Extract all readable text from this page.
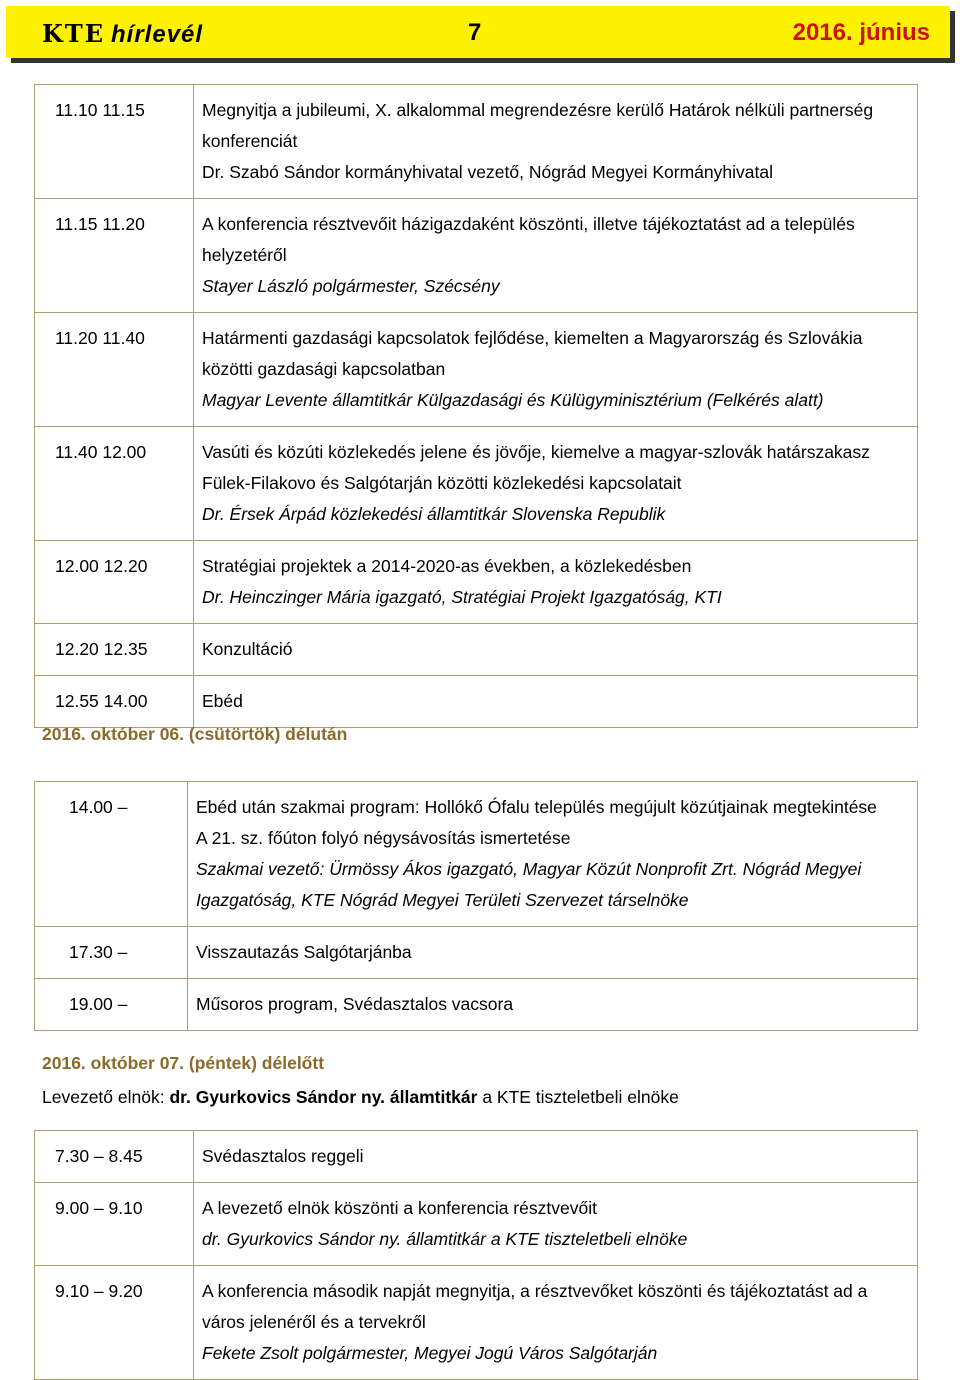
KTE hírlevél	7	2016. június
11.10 11.15	Megnyitja a jubileumi, X. alkalommal megrendezésre kerülő Határok nélküli partnerség konferenciát
Dr. Szabó Sándor kormányhivatal vezető, Nógrád Megyei Kormányhivatal

11.15 11.20	A konferencia résztvevőit házigazdaként köszönti, illetve tájékoztatást ad a település helyzetéről
Stayer László polgármester, Szécsény

11.20 11.40	Határmenti gazdasági kapcsolatok fejlődése, kiemelten a Magyarország és Szlovákia közötti gazdasági kapcsolatban
Magyar Levente államtitkár Külgazdasági és Külügyminisztérium (Felkérés alatt)

11.40 12.00	Vasúti és közúti közlekedés jelene és jövője, kiemelve a magyar-szlovák határszakasz Fülek-Filakovo és Salgótarján közötti közlekedési kapcsolatait
Dr. Érsek Árpád közlekedési államtitkár Slovenska Republik

12.00 12.20	Stratégiai projektek a 2014-2020-as években, a közlekedésben
Dr. Heinczinger Mária igazgató, Stratégiai Projekt Igazgatóság, KTI

12.20 12.35	Konzultáció

12.55 14.00	Ebéd
2016. október 06. (csütörtök) délután
14.00 –	Ebéd után szakmai program: Hollókő Ófalu település megújult közútjainak megtekintése
A 21. sz. főúton folyó négysávosítás ismertetése
Szakmai vezető: Ürmössy Ákos igazgató, Magyar Közút Nonprofit Zrt. Nógrád Megyei Igazgatóság, KTE Nógrád Megyei Területi Szervezet társelnöke

17.30 –	Visszautazás Salgótarjánba

19.00 –	Műsoros program, Svédasztalos vacsora
2016. október 07. (péntek) délelőtt
Levezető elnök: dr. Gyurkovics Sándor ny. államtitkár a KTE tiszteletbeli elnöke
7.30 – 8.45	Svédasztalos reggeli

9.00 – 9.10	A levezető elnök köszönti a konferencia résztvevőit
dr. Gyurkovics Sándor ny. államtitkár a KTE tiszteletbeli elnöke

9.10 – 9.20	A konferencia második napját megnyitja, a résztvevőket köszönti és tájékoztatást ad a város jelenéről és a tervekről
Fekete Zsolt polgármester, Megyei Jogú Város Salgótarján
